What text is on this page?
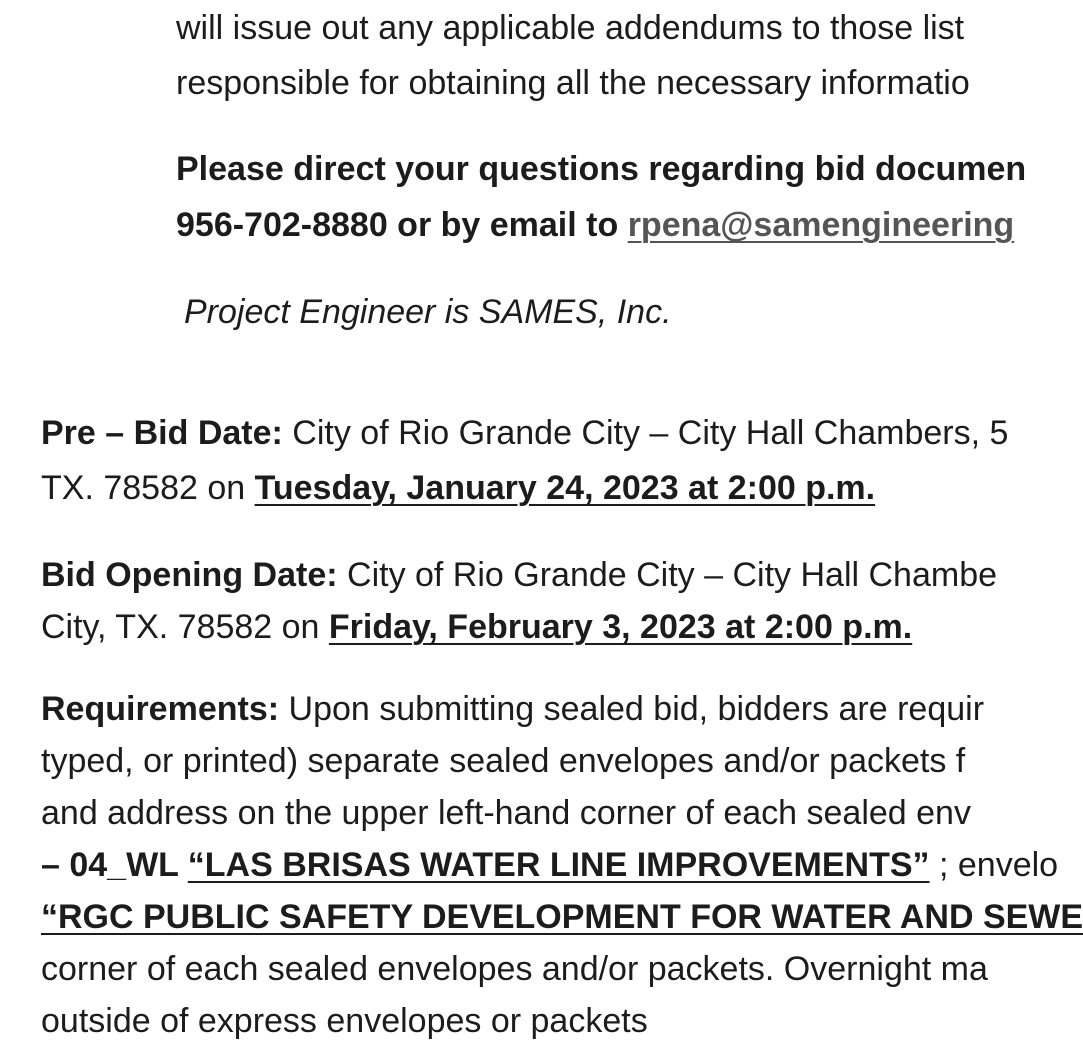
will issue out any applicable addendums to those list
responsible for obtaining all the necessary informatio
Please direct your questions regarding bid documen
956-702-8880 or by email to rpena@samengineering
Project Engineer is SAMES, Inc.
Pre – Bid Date: City of Rio Grande City – City Hall Chambers, 5
TX. 78582 on Tuesday, January 24, 2023 at 2:00 p.m.
Bid Opening Date: City of Rio Grande City – City Hall Chambe
City, TX. 78582 on Friday, February 3, 2023 at 2:00 p.m.
Requirements: Upon submitting sealed bid, bidders are requir
typed, or printed) separate sealed envelopes and/or packets f
and address on the upper left-hand corner of each sealed env
– 04_WL “LAS BRISAS WATER LINE IMPROVEMENTS” ; envelo
“RGC PUBLIC SAFETY DEVELOPMENT FOR WATER AND SEWE
corner of each sealed envelopes and/or packets. Overnight ma
outside of express envelopes or packets
